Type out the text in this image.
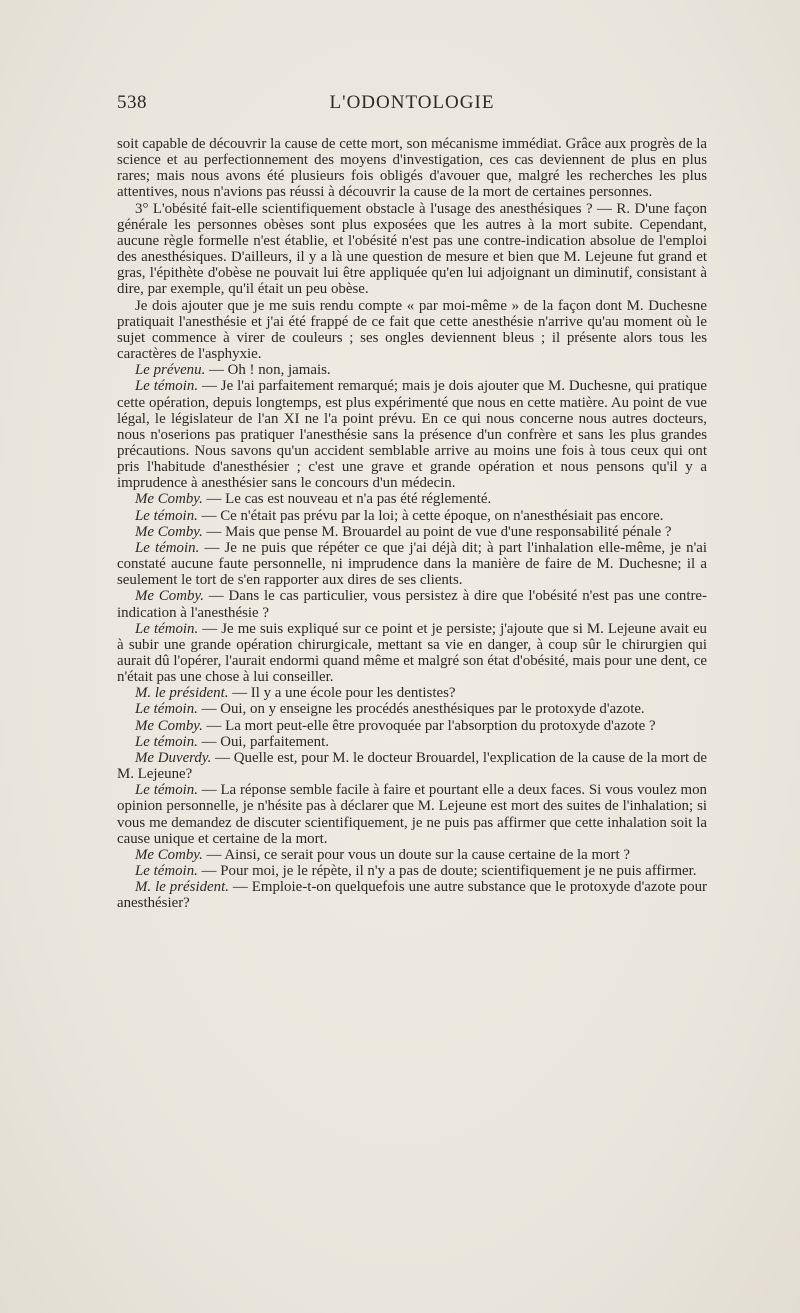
538	L'ODONTOLOGIE

soit capable de découvrir la cause de cette mort, son mécanisme immédiat. Grâce aux progrès de la science et au perfectionnement des moyens d'investigation, ces cas deviennent de plus en plus rares; mais nous avons été plusieurs fois obligés d'avouer que, malgré les recherches les plus attentives, nous n'avions pas réussi à découvrir la cause de la mort de certaines personnes.

3° L'obésité fait-elle scientifiquement obstacle à l'usage des anesthésiques ? — R. D'une façon générale les personnes obèses sont plus exposées que les autres à la mort subite. Cependant, aucune règle formelle n'est établie, et l'obésité n'est pas une contre-indication absolue de l'emploi des anesthésiques. D'ailleurs, il y a là une question de mesure et bien que M. Lejeune fut grand et gras, l'épithète d'obèse ne pouvait lui être appliquée qu'en lui adjoignant un diminutif, consistant à dire, par exemple, qu'il était un peu obèse.

Je dois ajouter que je me suis rendu compte « par moi-même » de la façon dont M. Duchesne pratiquait l'anesthésie et j'ai été frappé de ce fait que cette anesthésie n'arrive qu'au moment où le sujet commence à virer de couleurs ; ses ongles deviennent bleus ; il présente alors tous les caractères de l'asphyxie.

Le prévenu. — Oh ! non, jamais.

Le témoin. — Je l'ai parfaitement remarqué; mais je dois ajouter que M. Duchesne, qui pratique cette opération, depuis longtemps, est plus expérimenté que nous en cette matière. Au point de vue légal, le législateur de l'an XI ne l'a point prévu. En ce qui nous concerne nous autres docteurs, nous n'oserions pas pratiquer l'anesthésie sans la présence d'un confrère et sans les plus grandes précautions. Nous savons qu'un accident semblable arrive au moins une fois à tous ceux qui ont pris l'habitude d'anesthésier ; c'est une grave et grande opération et nous pensons qu'il y a imprudence à anesthésier sans le concours d'un médecin.

Me Comby. — Le cas est nouveau et n'a pas été réglementé.

Le témoin. — Ce n'était pas prévu par la loi; à cette époque, on n'anesthésiait pas encore.

Me Comby. — Mais que pense M. Brouardel au point de vue d'une responsabilité pénale ?

Le témoin. — Je ne puis que répéter ce que j'ai déjà dit; à part l'inhalation elle-même, je n'ai constaté aucune faute personnelle, ni imprudence dans la manière de faire de M. Duchesne; il a seulement le tort de s'en rapporter aux dires de ses clients.

Me Comby. — Dans le cas particulier, vous persistez à dire que l'obésité n'est pas une contre-indication à l'anesthésie ?

Le témoin. — Je me suis expliqué sur ce point et je persiste; j'ajoute que si M. Lejeune avait eu à subir une grande opération chirurgicale, mettant sa vie en danger, à coup sûr le chirurgien qui aurait dû l'opérer, l'aurait endormi quand même et malgré son état d'obésité, mais pour une dent, ce n'était pas une chose à lui conseiller.

M. le président. — Il y a une école pour les dentistes?

Le témoin. — Oui, on y enseigne les procédés anesthésiques par le protoxyde d'azote.

Me Comby. — La mort peut-elle être provoquée par l'absorption du protoxyde d'azote ?

Le témoin. — Oui, parfaitement.

Me Duverdy. — Quelle est, pour M. le docteur Brouardel, l'explication de la cause de la mort de M. Lejeune?

Le témoin. — La réponse semble facile à faire et pourtant elle a deux faces. Si vous voulez mon opinion personnelle, je n'hésite pas à déclarer que M. Lejeune est mort des suites de l'inhalation; si vous me demandez de discuter scientifiquement, je ne puis pas affirmer que cette inhalation soit la cause unique et certaine de la mort.

Me Comby. — Ainsi, ce serait pour vous un doute sur la cause certaine de la mort ?

Le témoin. — Pour moi, je le répète, il n'y a pas de doute; scientifiquement je ne puis affirmer.

M. le président. — Emploie-t-on quelquefois une autre substance que le protoxyde d'azote pour anesthésier?
